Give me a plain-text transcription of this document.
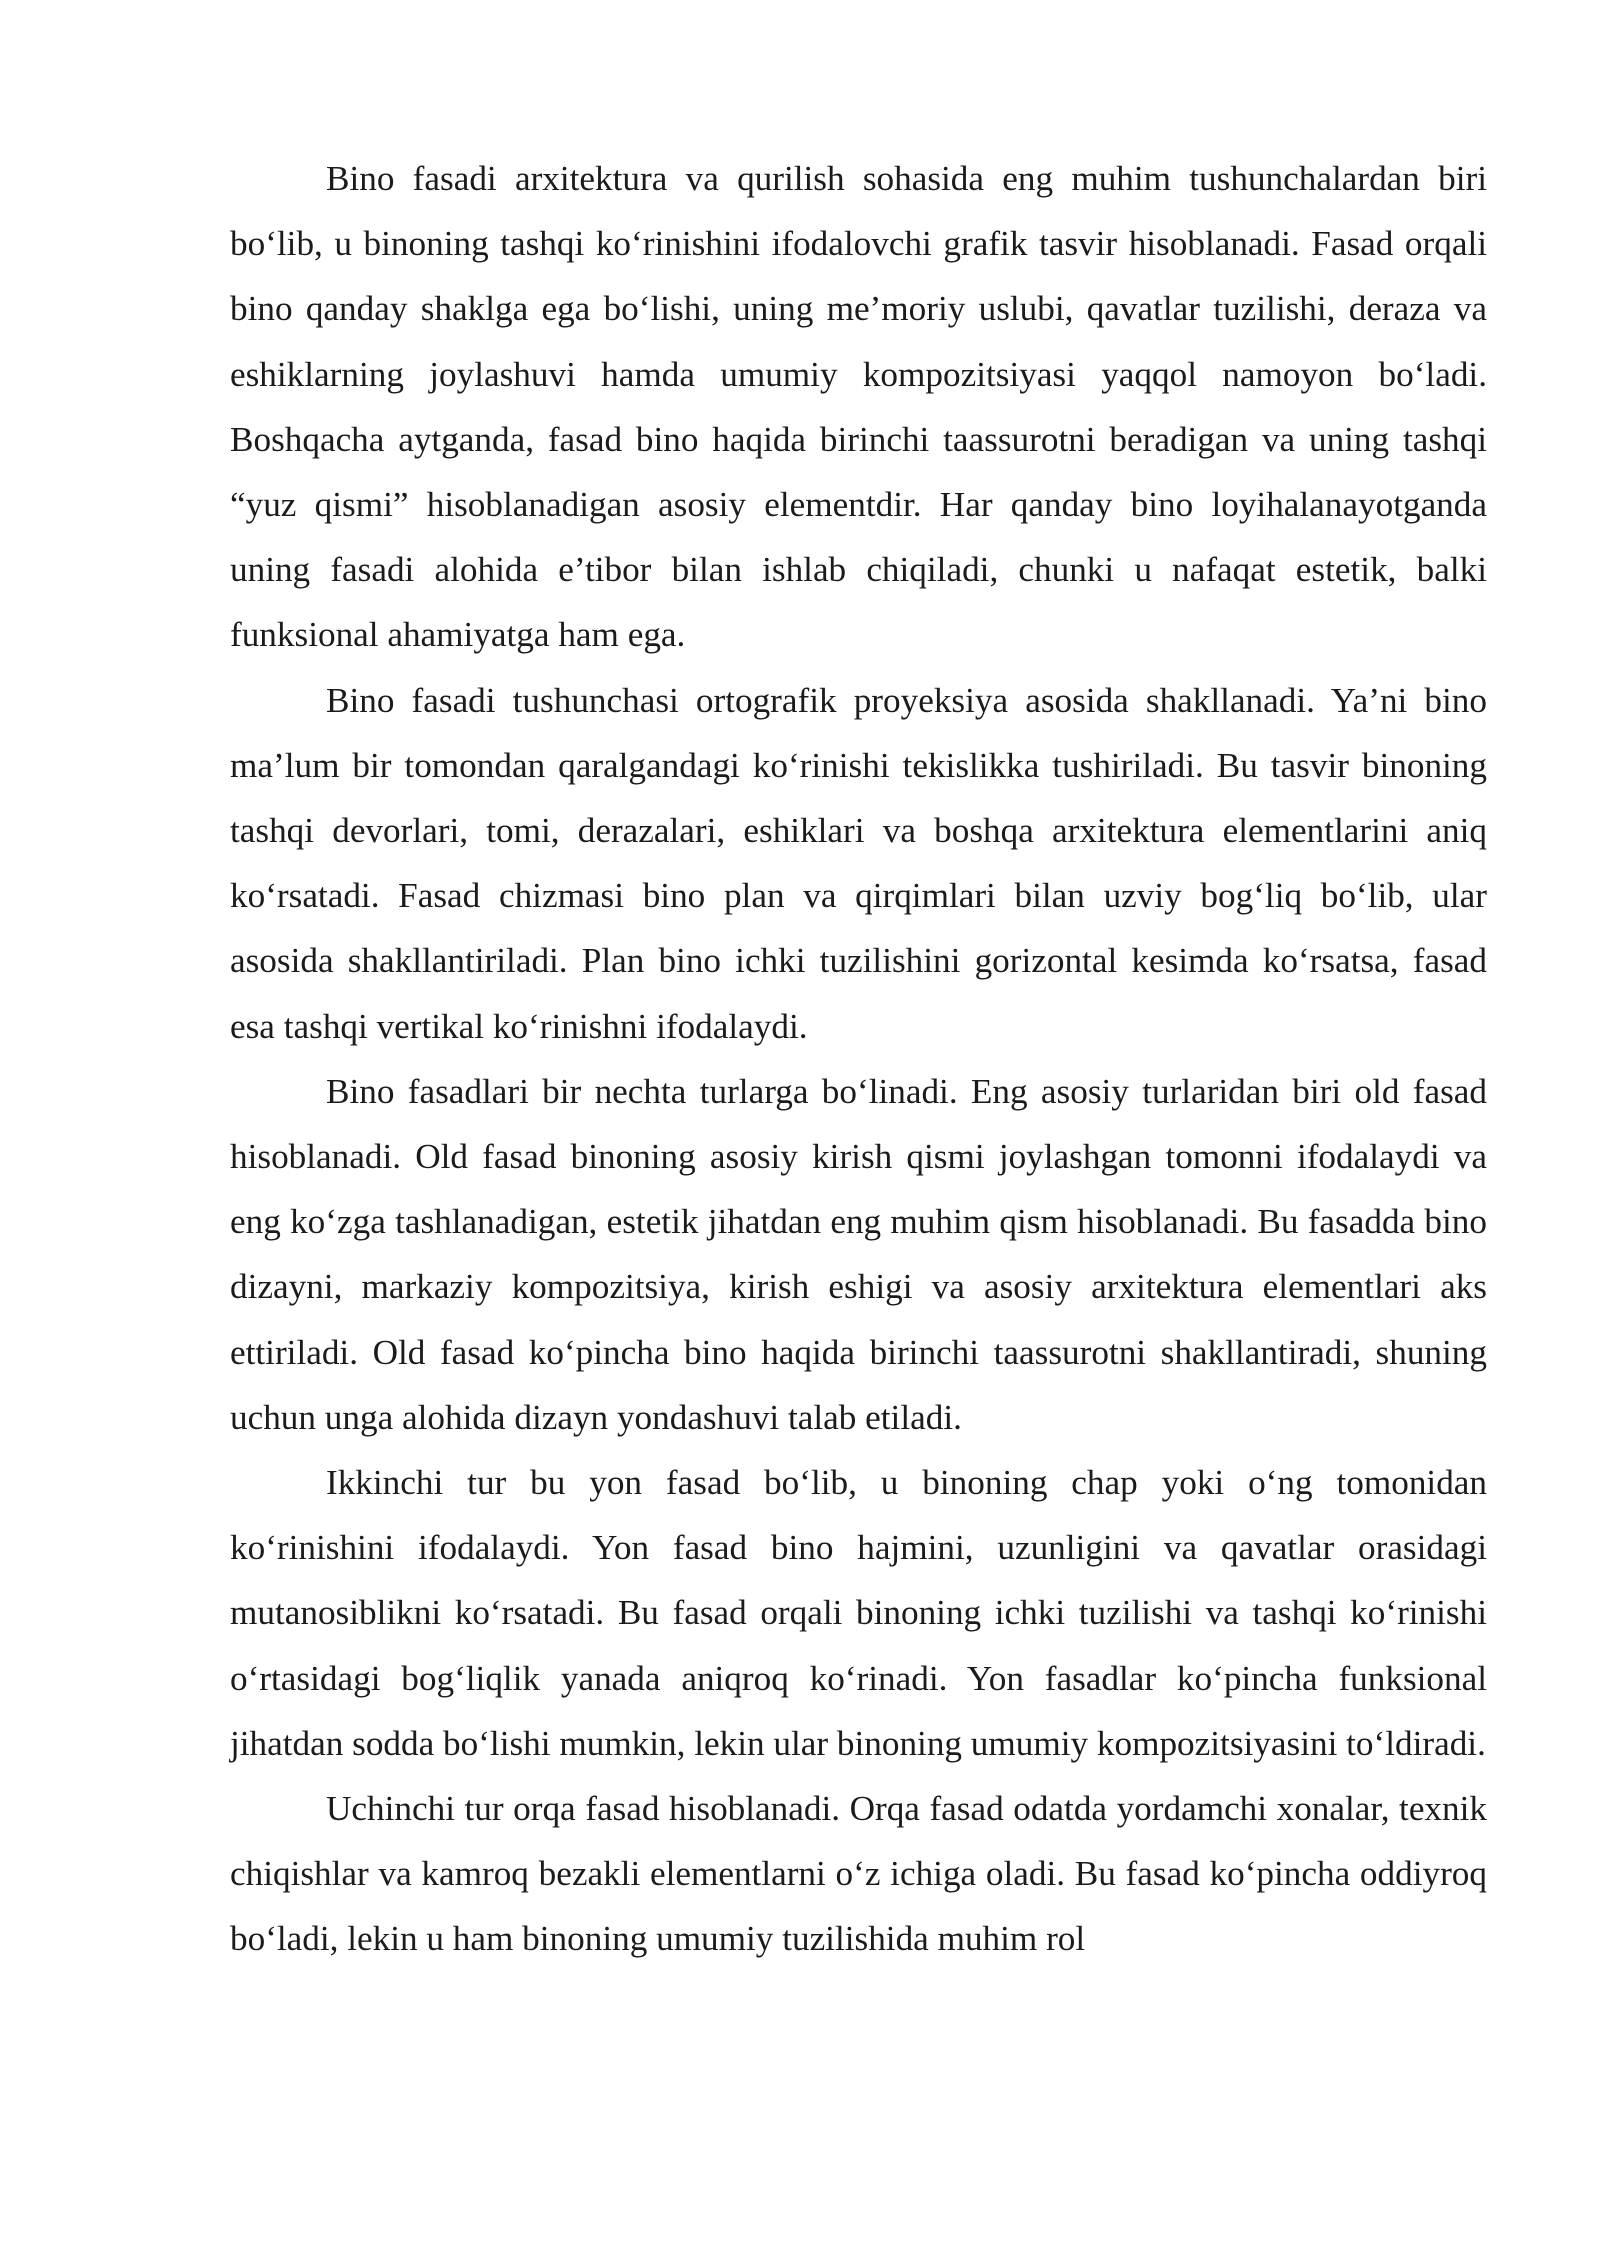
Bino fasadi arxitektura va qurilish sohasida eng muhim tushunchalardan biri boʻlib, u binoning tashqi koʻrinishini ifodalovchi grafik tasvir hisoblanadi. Fasad orqali bino qanday shaklga ega boʻlishi, uning me’moriy uslubi, qavatlar tuzilishi, deraza va eshiklarning joylashuvi hamda umumiy kompozitsiyasi yaqqol namoyon boʻladi. Boshqacha aytganda, fasad bino haqida birinchi taassurotni beradigan va uning tashqi “yuz qismi” hisoblanadigan asosiy elementdir. Har qanday bino loyihalanayotganda uning fasadi alohida e’tibor bilan ishlab chiqiladi, chunki u nafaqat estetik, balki funksional ahamiyatga ham ega.

Bino fasadi tushunchasi ortografik proyeksiya asosida shakllanadi. Ya’ni bino ma’lum bir tomondan qaralgandagi koʻrinishi tekislikka tushiriladi. Bu tasvir binoning tashqi devorlari, tomi, derazalari, eshiklari va boshqa arxitektura elementlarini aniq koʻrsatadi. Fasad chizmasi bino plan va qirqimlari bilan uzviy bogʻliq boʻlib, ular asosida shakllantiriladi. Plan bino ichki tuzilishini gorizontal kesimda koʻrsatsa, fasad esa tashqi vertikal koʻrinishni ifodalaydi.

Bino fasadlari bir nechta turlarga boʻlinadi. Eng asosiy turlaridan biri old fasad hisoblanadi. Old fasad binoning asosiy kirish qismi joylashgan tomonni ifodalaydi va eng koʻzga tashlanadigan, estetik jihatdan eng muhim qism hisoblanadi. Bu fasadda bino dizayni, markaziy kompozitsiya, kirish eshigi va asosiy arxitektura elementlari aks ettiriladi. Old fasad koʻpincha bino haqida birinchi taassurotni shakllantiradi, shuning uchun unga alohida dizayn yondashuvi talab etiladi.

Ikkinchi tur bu yon fasad boʻlib, u binoning chap yoki oʻng tomonidan koʻrinishini ifodalaydi. Yon fasad bino hajmini, uzunligini va qavatlar orasidagi mutanosiblikni koʻrsatadi. Bu fasad orqali binoning ichki tuzilishi va tashqi koʻrinishi oʻrtasidagi bogʻliqlik yanada aniqroq koʻrinadi. Yon fasadlar koʻpincha funksional jihatdan sodda boʻlishi mumkin, lekin ular binoning umumiy kompozitsiyasini toʻldiradi.

Uchinchi tur orqa fasad hisoblanadi. Orqa fasad odatda yordamchi xonalar, texnik chiqishlar va kamroq bezakli elementlarni oʻz ichiga oladi. Bu fasad koʻpincha oddiyroq boʻladi, lekin u ham binoning umumiy tuzilishida muhim rol
